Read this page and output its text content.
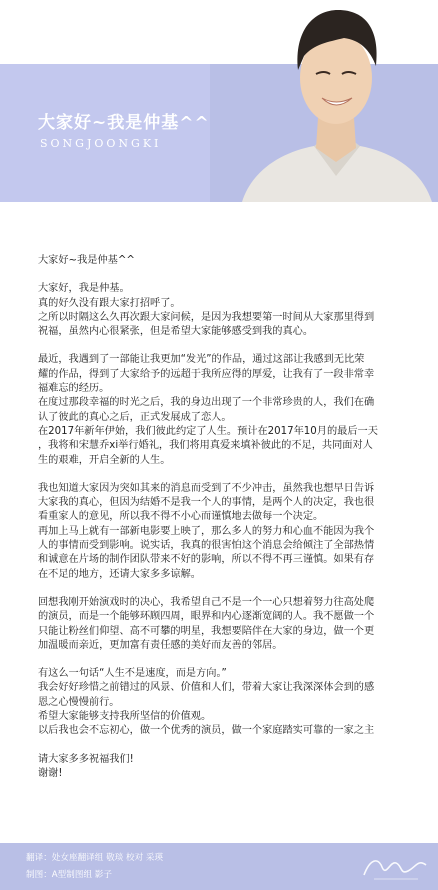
大家好~我是仲基^^
SONGJOONGKI
大家好~我是仲基^^
大家好，我是仲基。
真的好久没有跟大家打招呼了。
之所以时隔这么久再次跟大家问候，是因为我想要第一时间从大家那里得到
祝福，虽然内心很紧张，但是希望大家能够感受到我的真心。
最近，我遇到了一部能让我更加“发光”的作品，通过这部让我感到无比荣
耀的作品，得到了大家给予的远超于我所应得的厚爱，让我有了一段非常幸
福难忘的经历。
在度过那段幸福的时光之后，我的身边出现了一个非常珍贵的人，我们在确
认了彼此的真心之后，正式发展成了恋人。
在2017年新年伊始，我们彼此约定了人生。预计在2017年10月的最后一天
，我将和宋慧乔xi举行婚礼，我们将用真爱来填补彼此的不足，共同面对人
生的艰难，开启全新的人生。
我也知道大家因为突如其来的消息而受到了不少冲击，虽然我也想早日告诉
大家我的真心，但因为结婚不是我一个人的事情，是两个人的决定，我也很
看重家人的意见，所以我不得不小心而谨慎地去做每一个决定。
再加上马上就有一部新电影要上映了，那么多人的努力和心血不能因为我个
人的事情而受到影响。说实话，我真的很害怕这个消息会给倾注了全部热情
和诚意在片场的制作团队带来不好的影响，所以不得不再三谨慎。如果有存
在不足的地方，还请大家多多谅解。
回想我刚开始演戏时的决心，我希望自己不是一个一心只想着努力往高处爬
的演员，而是一个能够环顾四周，眼界和内心逐渐宽阔的人。我不愿做一个
只能让粉丝们仰望、高不可攀的明星，我想要陪伴在大家的身边，做一个更
加温暖而亲近，更加富有责任感的美好而友善的邻居。
有这么一句话“人生不是速度，而是方向。”
我会好好珍惜之前错过的风景、价值和人们，带着大家让我深深体会到的感
恩之心慢慢前行。
希望大家能够支持我所坚信的价值观。
以后我也会不忘初心，做一个优秀的演员，做一个家庭踏实可靠的一家之主
请大家多多祝福我们!
谢谢!
翻译：处女座翻译组 敬琰 校对 采瑛
制图：A型制图组 影子
